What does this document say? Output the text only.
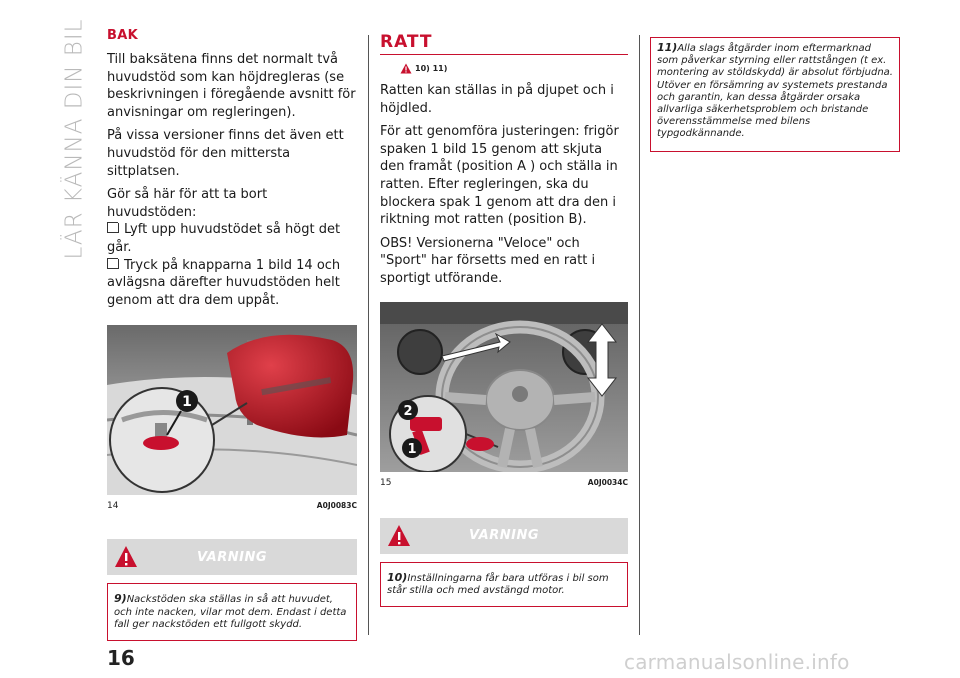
LÄR KÄNNA DIN BIL BAK

Till baksätena finns det normalt två huvudstöd som kan höjdregleras (se beskrivningen i föregående avsnitt för anvisningar om regleringen).

På vissa versioner finns det även ett huvudstöd för den mittersta sittplatsen.

Gör så här för att ta bort huvudstöden:

Lyft upp huvudstödet så högt det går.

Tryck på knapparna 1 bild 14 och avlägsna därefter huvudstöden helt genom att dra dem uppåt.

1
14	A0J0083C
VARNING
9)Nackstöden ska ställas in så att huvudet, och inte nacken, vilar mot dem. Endast i detta fall ger nackstöden ett fullgott skydd.
RATT
10) 11)

Ratten kan ställas in på djupet och i höjdled.

För att genomföra justeringen: frigör spaken 1 bild 15 genom att skjuta den framåt (position A ) och ställa in ratten. Efter regleringen, ska du blockera spak 1 genom att dra den i riktning mot ratten (position B).

OBS! Versionerna "Veloce" och "Sport" har försetts med en ratt i sportigt utförande.

2
1
15	A0J0034C
VARNING
10)Inställningarna får bara utföras i bil som står stilla och med avstängd motor.
11)Alla slags åtgärder inom eftermarknad som påverkar styrning eller rattstången (t ex. montering av stöldskydd) är absolut förbjudna. Utöver en försämring av systemets prestanda och garantin, kan dessa åtgärder orsaka allvarliga säkerhetsproblem och bristande överensstämmelse med bilens typgodkännande.
16	carmanualsonline.info
